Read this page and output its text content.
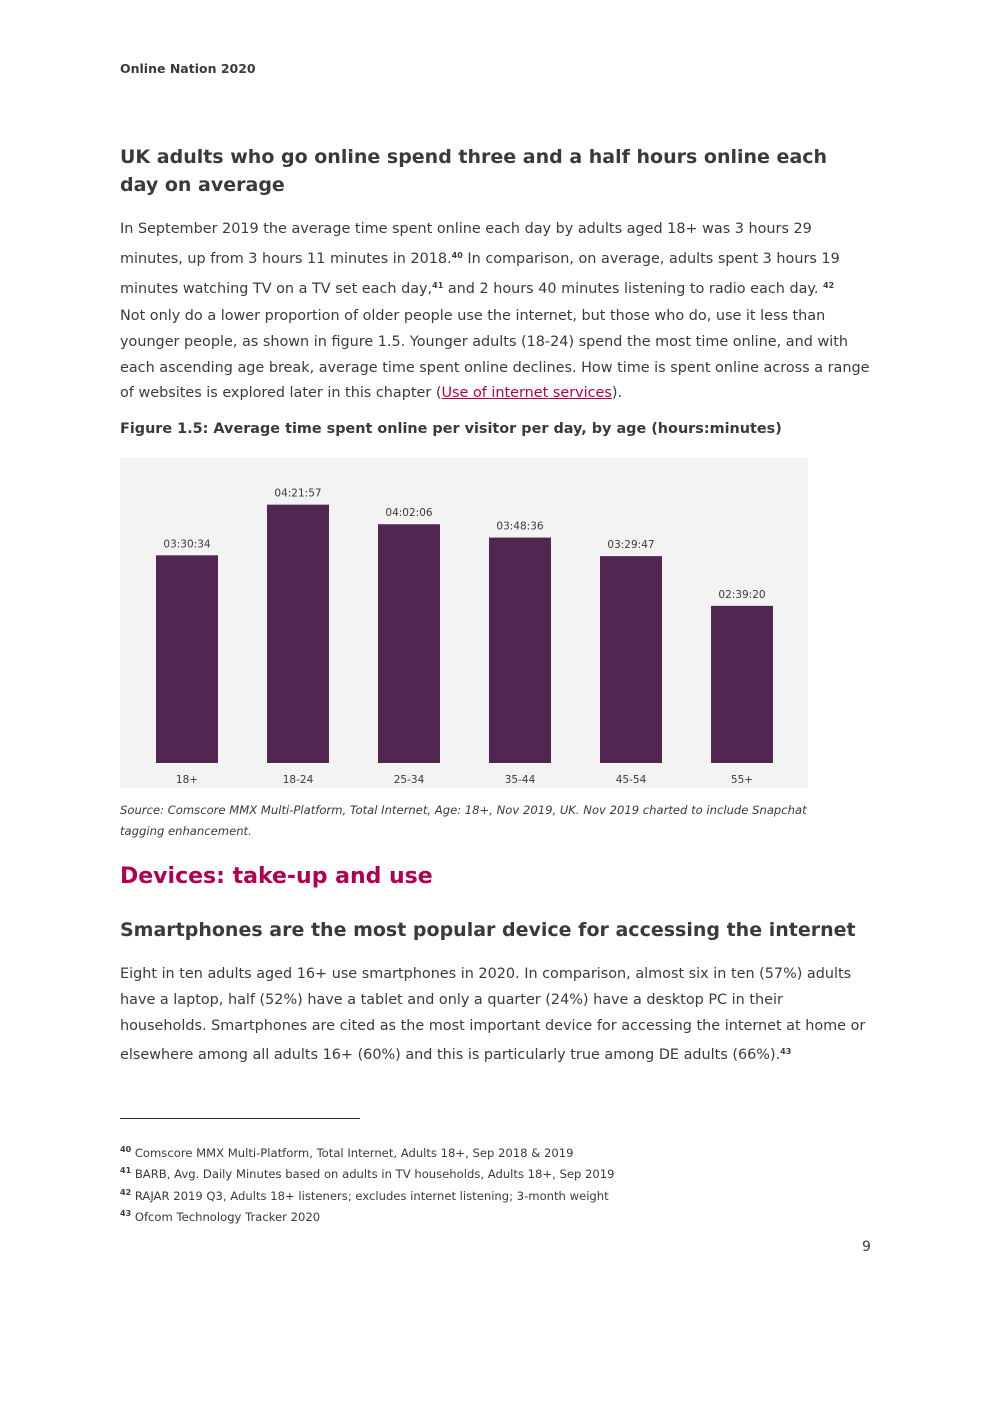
Online Nation 2020
UK adults who go online spend three and a half hours online each day on average

In September 2019 the average time spent online each day by adults aged 18+ was 3 hours 29 minutes, up from 3 hours 11 minutes in 2018.40 In comparison, on average, adults spent 3 hours 19 minutes watching TV on a TV set each day,$^{41}$ and 2 hours 40 minutes listening to radio each day. $^{42}$

Not only do a lower proportion of older people use the internet, but those who do, use it less than younger people, as shown in figure 1.5. Younger adults (18-24) spend the most time online, and with each ascending age break, average time spent online declines. How time is spent online across a range of websites is explored later in this chapter (Use of internet services).

Figure 1.5: Average time spent online per visitor per day, by age (hours:minutes)
03:30:34
18+
04:21:57
18-24
04:02:06
25-34
03:48:36
35-44
03:29:47
45-54
02:39:20
55+
Source: Comscore MMX Multi-Platform, Total Internet, Age: 18+, Nov 2019, UK. Nov 2019 charted to include Snapchat tagging enhancement.
Devices: take-up and use
Smartphones are the most popular device for accessing the internet

Eight in ten adults aged 16+ use smartphones in 2020. In comparison, almost six in ten (57%) adults have a laptop, half (52%) have a tablet and only a quarter (24%) have a desktop PC in their households. Smartphones are cited as the most important device for accessing the internet at home or elsewhere among all adults 16+ (60%) and this is particularly true among DE adults (66%).$^{43}$

$^{40}$ Comscore MMX Multi-Platform, Total Internet, Adults 18+, Sep 2018 & 2019
$^{41}$ BARB, Avg. Daily Minutes based on adults in TV households, Adults 18+, Sep 2019
$^{42}$ RAJAR 2019 Q3, Adults 18+ listeners; excludes internet listening; 3-month weight
$^{43}$ Ofcom Technology Tracker 2020
9
